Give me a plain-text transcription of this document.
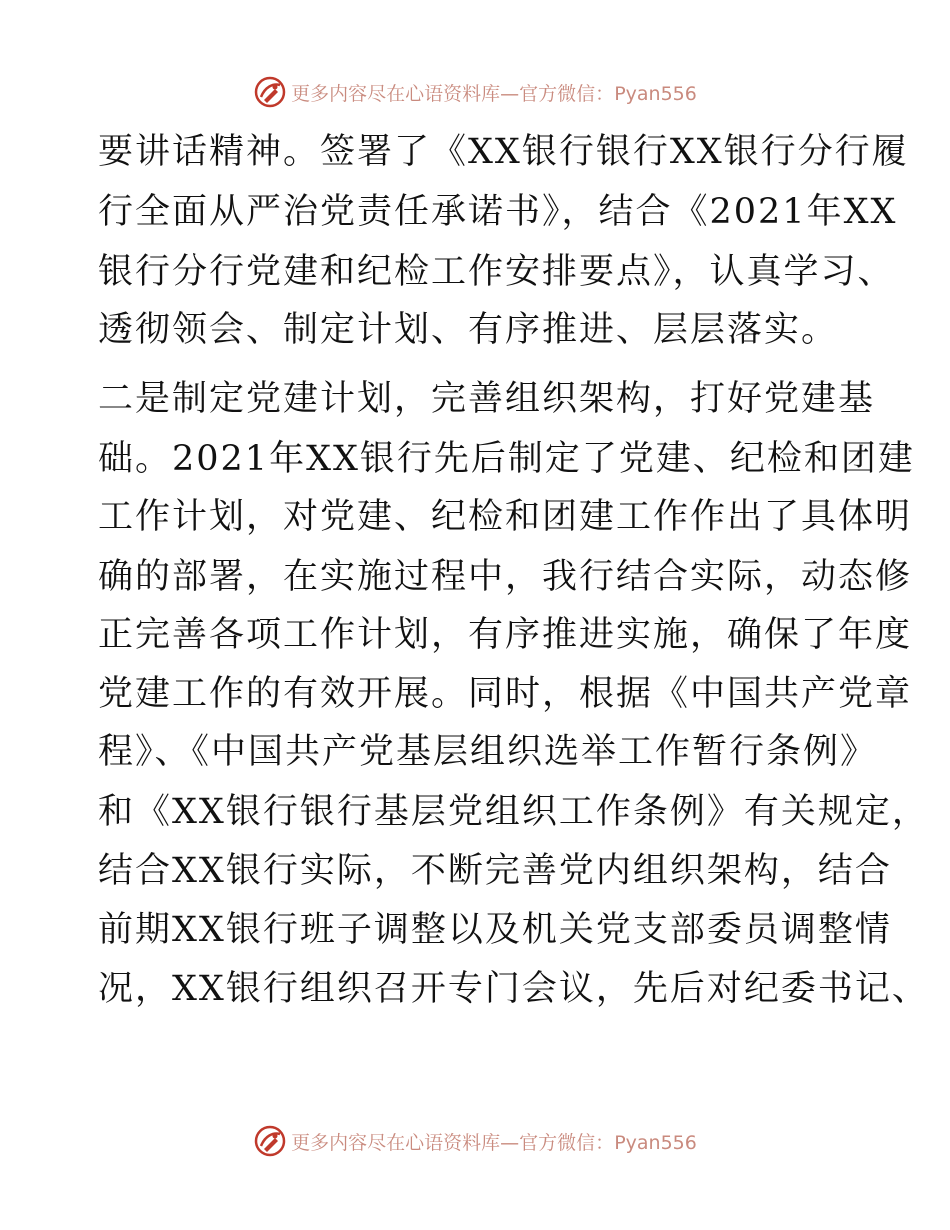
更多内容尽在心语资料库—官方微信：Pyan556
要讲话精神。签署了《XX银行银行XX银行分行履
行全面从严治党责任承诺书》，结合《2021年XX
银行分行党建和纪检工作安排要点》，认真学习、
透彻领会、制定计划、有序推进、层层落实。
二是制定党建计划，完善组织架构，打好党建基
础。2021年XX银行先后制定了党建、纪检和团建
工作计划，对党建、纪检和团建工作作出了具体明
确的部署，在实施过程中，我行结合实际，动态修
正完善各项工作计划，有序推进实施，确保了年度
党建工作的有效开展。同时，根据《中国共产党章
程》、《中国共产党基层组织选举工作暂行条例》
和《XX银行银行基层党组织工作条例》有关规定，
结合XX银行实际，不断完善党内组织架构，结合
前期XX银行班子调整以及机关党支部委员调整情
况，XX银行组织召开专门会议，先后对纪委书记、
更多内容尽在心语资料库—官方微信：Pyan556
